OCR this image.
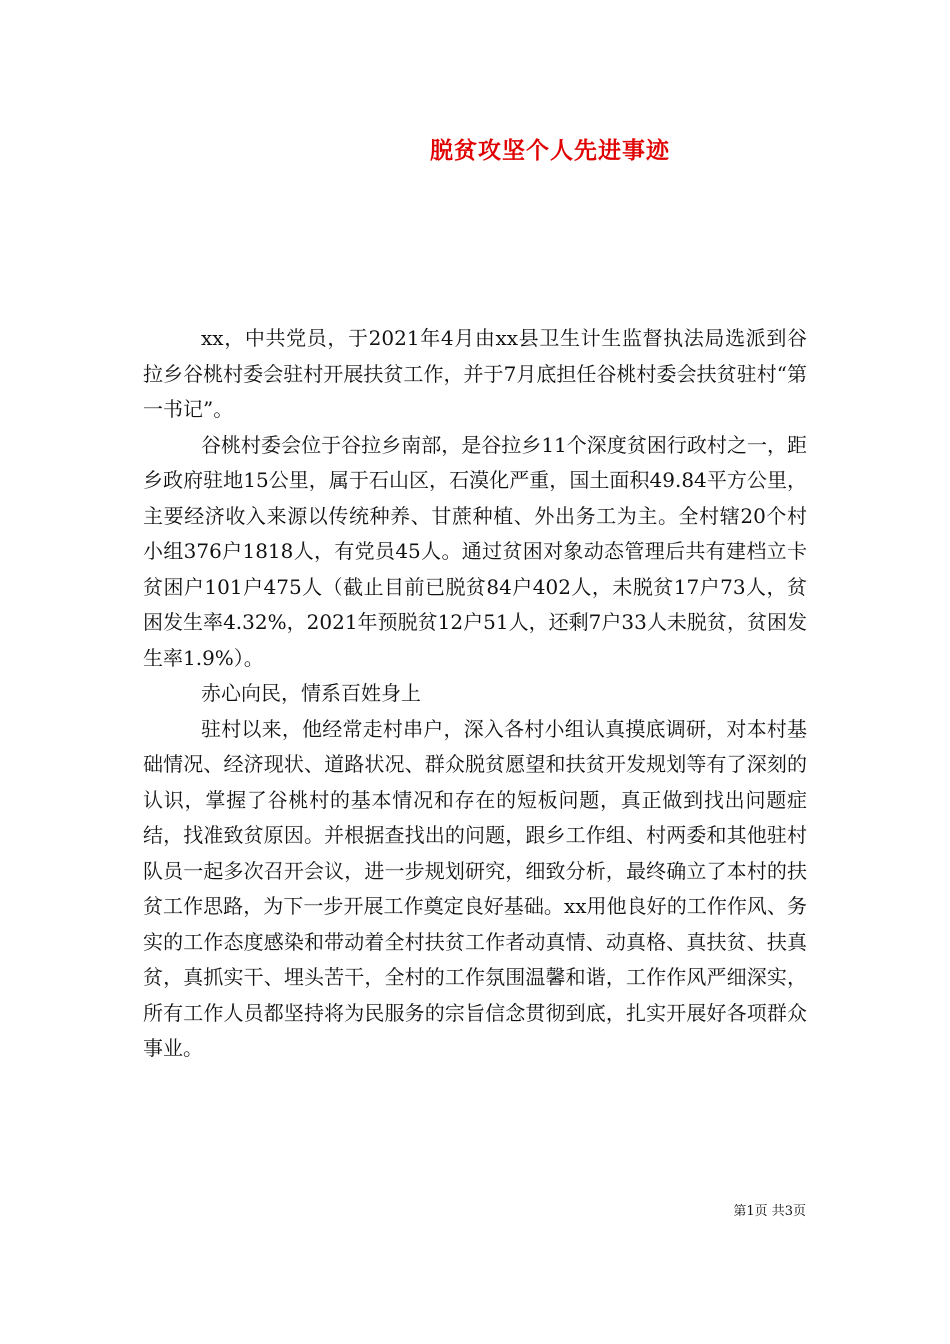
脱贫攻坚个人先进事迹

xx，中共党员，于2021年4月由xx县卫生计生监督执法局选派到谷拉乡谷桃村委会驻村开展扶贫工作，并于7月底担任谷桃村委会扶贫驻村“第一书记”。

谷桃村委会位于谷拉乡南部，是谷拉乡11个深度贫困行政村之一，距乡政府驻地15公里，属于石山区，石漠化严重，国土面积49.84平方公里，主要经济收入来源以传统种养、甘蔗种植、外出务工为主。全村辖20个村小组376户1818人，有党员45人。通过贫困对象动态管理后共有建档立卡贫困户101户475人（截止目前已脱贫84户402人，未脱贫17户73人，贫困发生率4.32%，2021年预脱贫12户51人，还剩7户33人未脱贫，贫困发生率1.9%）。

赤心向民，情系百姓身上

驻村以来，他经常走村串户，深入各村小组认真摸底调研，对本村基础情况、经济现状、道路状况、群众脱贫愿望和扶贫开发规划等有了深刻的认识，掌握了谷桃村的基本情况和存在的短板问题，真正做到找出问题症结，找准致贫原因。并根据查找出的问题，跟乡工作组、村两委和其他驻村队员一起多次召开会议，进一步规划研究，细致分析，最终确立了本村的扶贫工作思路，为下一步开展工作奠定良好基础。xx用他良好的工作作风、务实的工作态度感染和带动着全村扶贫工作者动真情、动真格、真扶贫、扶真贫，真抓实干、埋头苦干，全村的工作氛围温馨和谐，工作作风严细深实，所有工作人员都坚持将为民服务的宗旨信念贯彻到底，扎实开展好各项群众事业。

第1页 共3页
